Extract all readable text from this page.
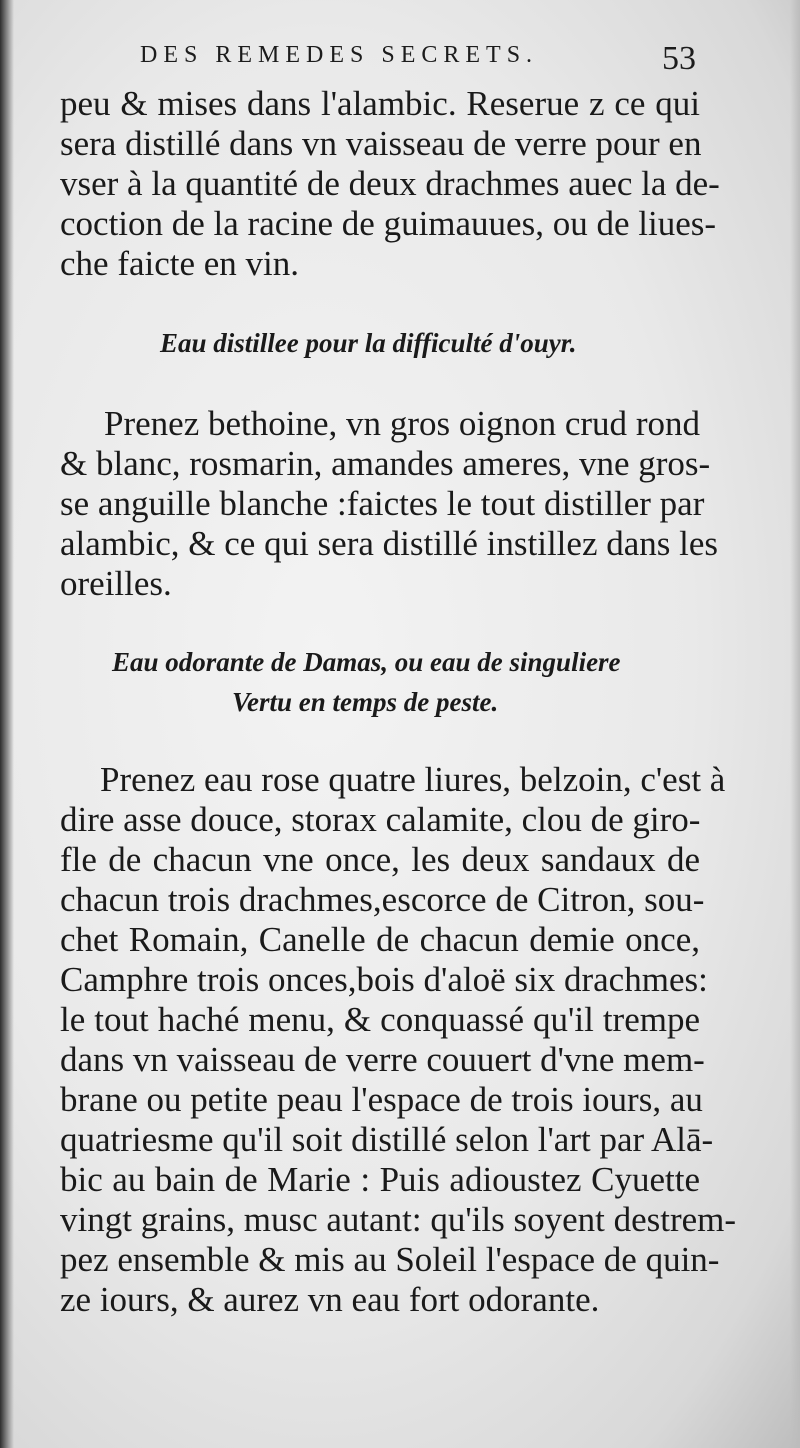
DES REMEDES SECRETS.	53
peu & mises dans l'alambic. Reserue z ce qui
sera distillé dans vn vaisseau de verre pour en
vser à la quantité de deux drachmes auec la de-
coction de la racine de guimauues, ou de liues-
che faicte en vin.
Eau distillee pour la difficulté d'ouyr.
Prenez bethoine, vn gros oignon crud rond
& blanc, rosmarin, amandes ameres, vne gros-
se anguille blanche :faictes le tout distiller par
alambic, & ce qui sera distillé instillez dans les
oreilles.
Eau odorante de Damas, ou eau de singuliere
Vertu en temps de peste.
Prenez eau rose quatre liures, belzoin, c'est à
dire asse douce, storax calamite, clou de giro-
fle de chacun vne once, les deux sandaux de
chacun trois drachmes,escorce de Citron, sou-
chet Romain, Canelle de chacun demie once,
Camphre trois onces,bois d'aloë six drachmes:
le tout haché menu, & conquassé qu'il trempe
dans vn vaisseau de verre couuert d'vne mem-
brane ou petite peau l'espace de trois iours, au
quatriesme qu'il soit distillé selon l'art par Alā-
bic au bain de Marie : Puis adioustez Cyuette
vingt grains, musc autant: qu'ils soyent destrem-
pez ensemble & mis au Soleil l'espace de quin-
ze iours, & aurez vn eau fort odorante.
